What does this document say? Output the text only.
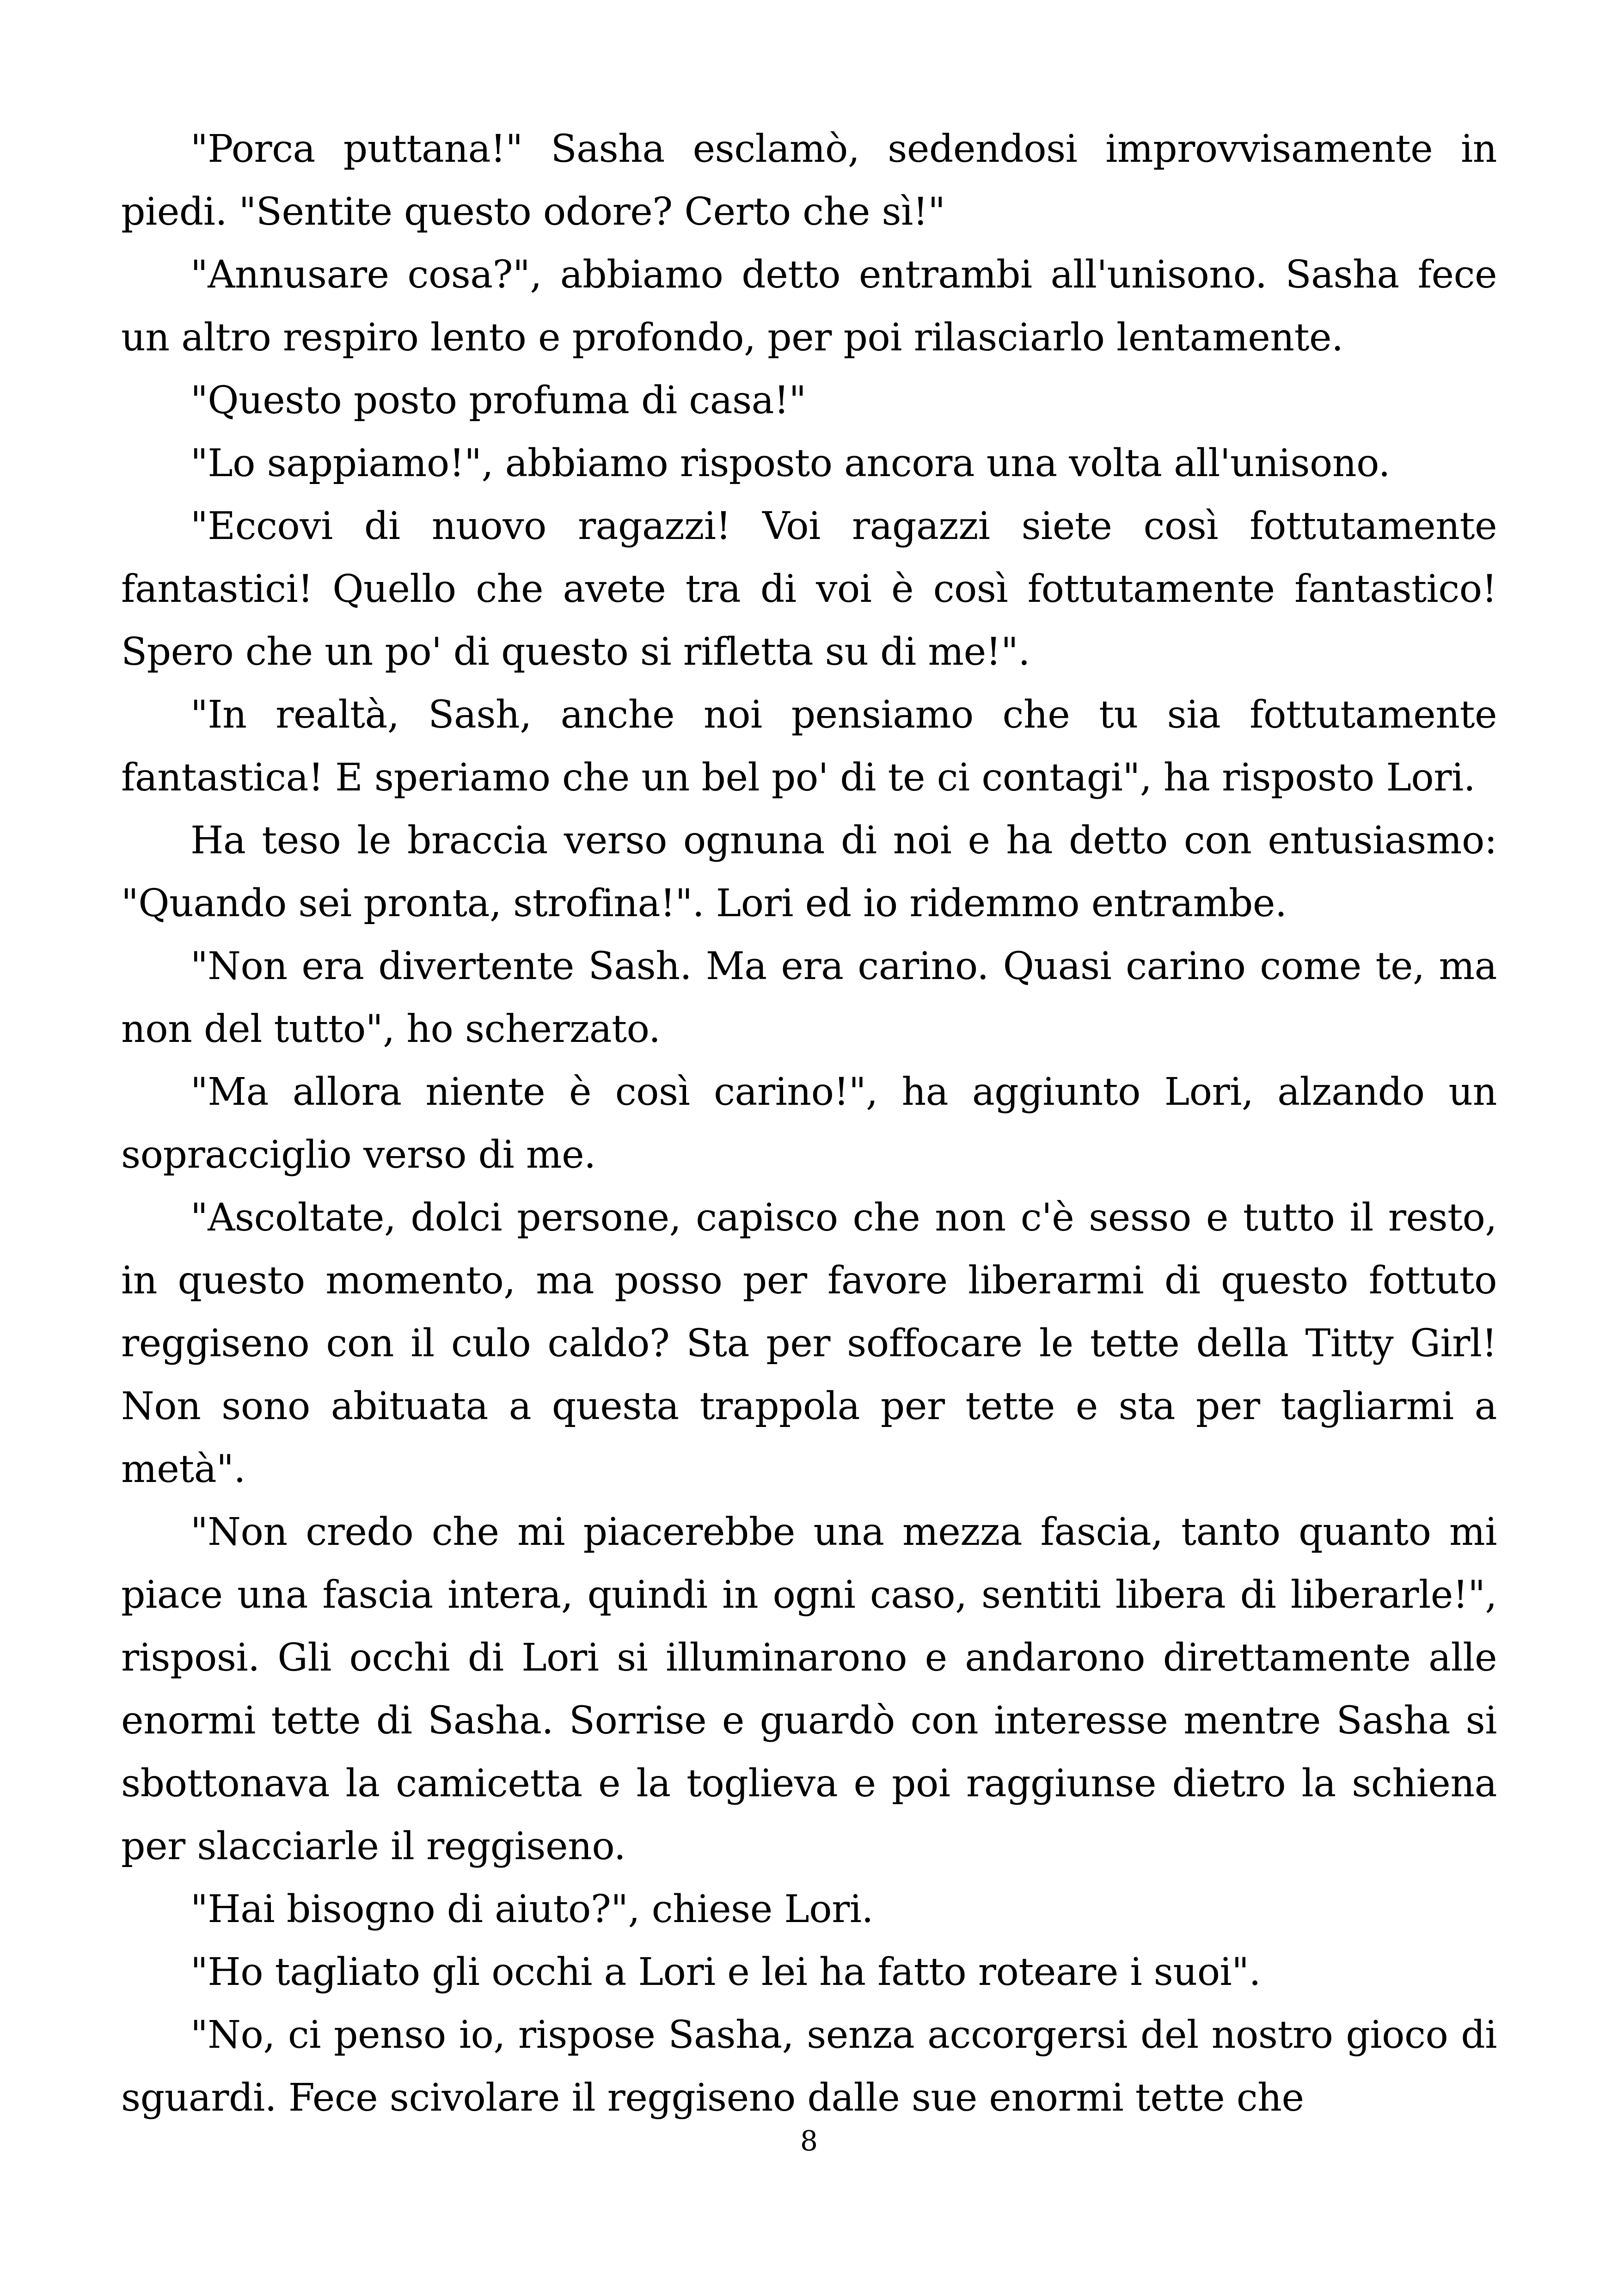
"Porca puttana!" Sasha esclamò, sedendosi improvvisamente in piedi. "Sentite questo odore? Certo che sì!"

"Annusare cosa?", abbiamo detto entrambi all'unisono. Sasha fece un altro respiro lento e profondo, per poi rilasciarlo lentamente.

"Questo posto profuma di casa!"

"Lo sappiamo!", abbiamo risposto ancora una volta all'unisono.

"Eccovi di nuovo ragazzi! Voi ragazzi siete così fottutamente fantastici! Quello che avete tra di voi è così fottutamente fantastico! Spero che un po' di questo si rifletta su di me!".

"In realtà, Sash, anche noi pensiamo che tu sia fottutamente fantastica! E speriamo che un bel po' di te ci contagi", ha risposto Lori.

Ha teso le braccia verso ognuna di noi e ha detto con entusiasmo: "Quando sei pronta, strofina!". Lori ed io ridemmo entrambe.

"Non era divertente Sash. Ma era carino. Quasi carino come te, ma non del tutto", ho scherzato.

"Ma allora niente è così carino!", ha aggiunto Lori, alzando un sopracciglio verso di me.

"Ascoltate, dolci persone, capisco che non c'è sesso e tutto il resto, in questo momento, ma posso per favore liberarmi di questo fottuto reggiseno con il culo caldo? Sta per soffocare le tette della Titty Girl! Non sono abituata a questa trappola per tette e sta per tagliarmi a metà".

"Non credo che mi piacerebbe una mezza fascia, tanto quanto mi piace una fascia intera, quindi in ogni caso, sentiti libera di liberarle!", risposi. Gli occhi di Lori si illuminarono e andarono direttamente alle enormi tette di Sasha. Sorrise e guardò con interesse mentre Sasha si sbottonava la camicetta e la toglieva e poi raggiunse dietro la schiena per slacciarle il reggiseno.

"Hai bisogno di aiuto?", chiese Lori.

"Ho tagliato gli occhi a Lori e lei ha fatto roteare i suoi".

"No, ci penso io, rispose Sasha, senza accorgersi del nostro gioco di sguardi. Fece scivolare il reggiseno dalle sue enormi tette che

8
